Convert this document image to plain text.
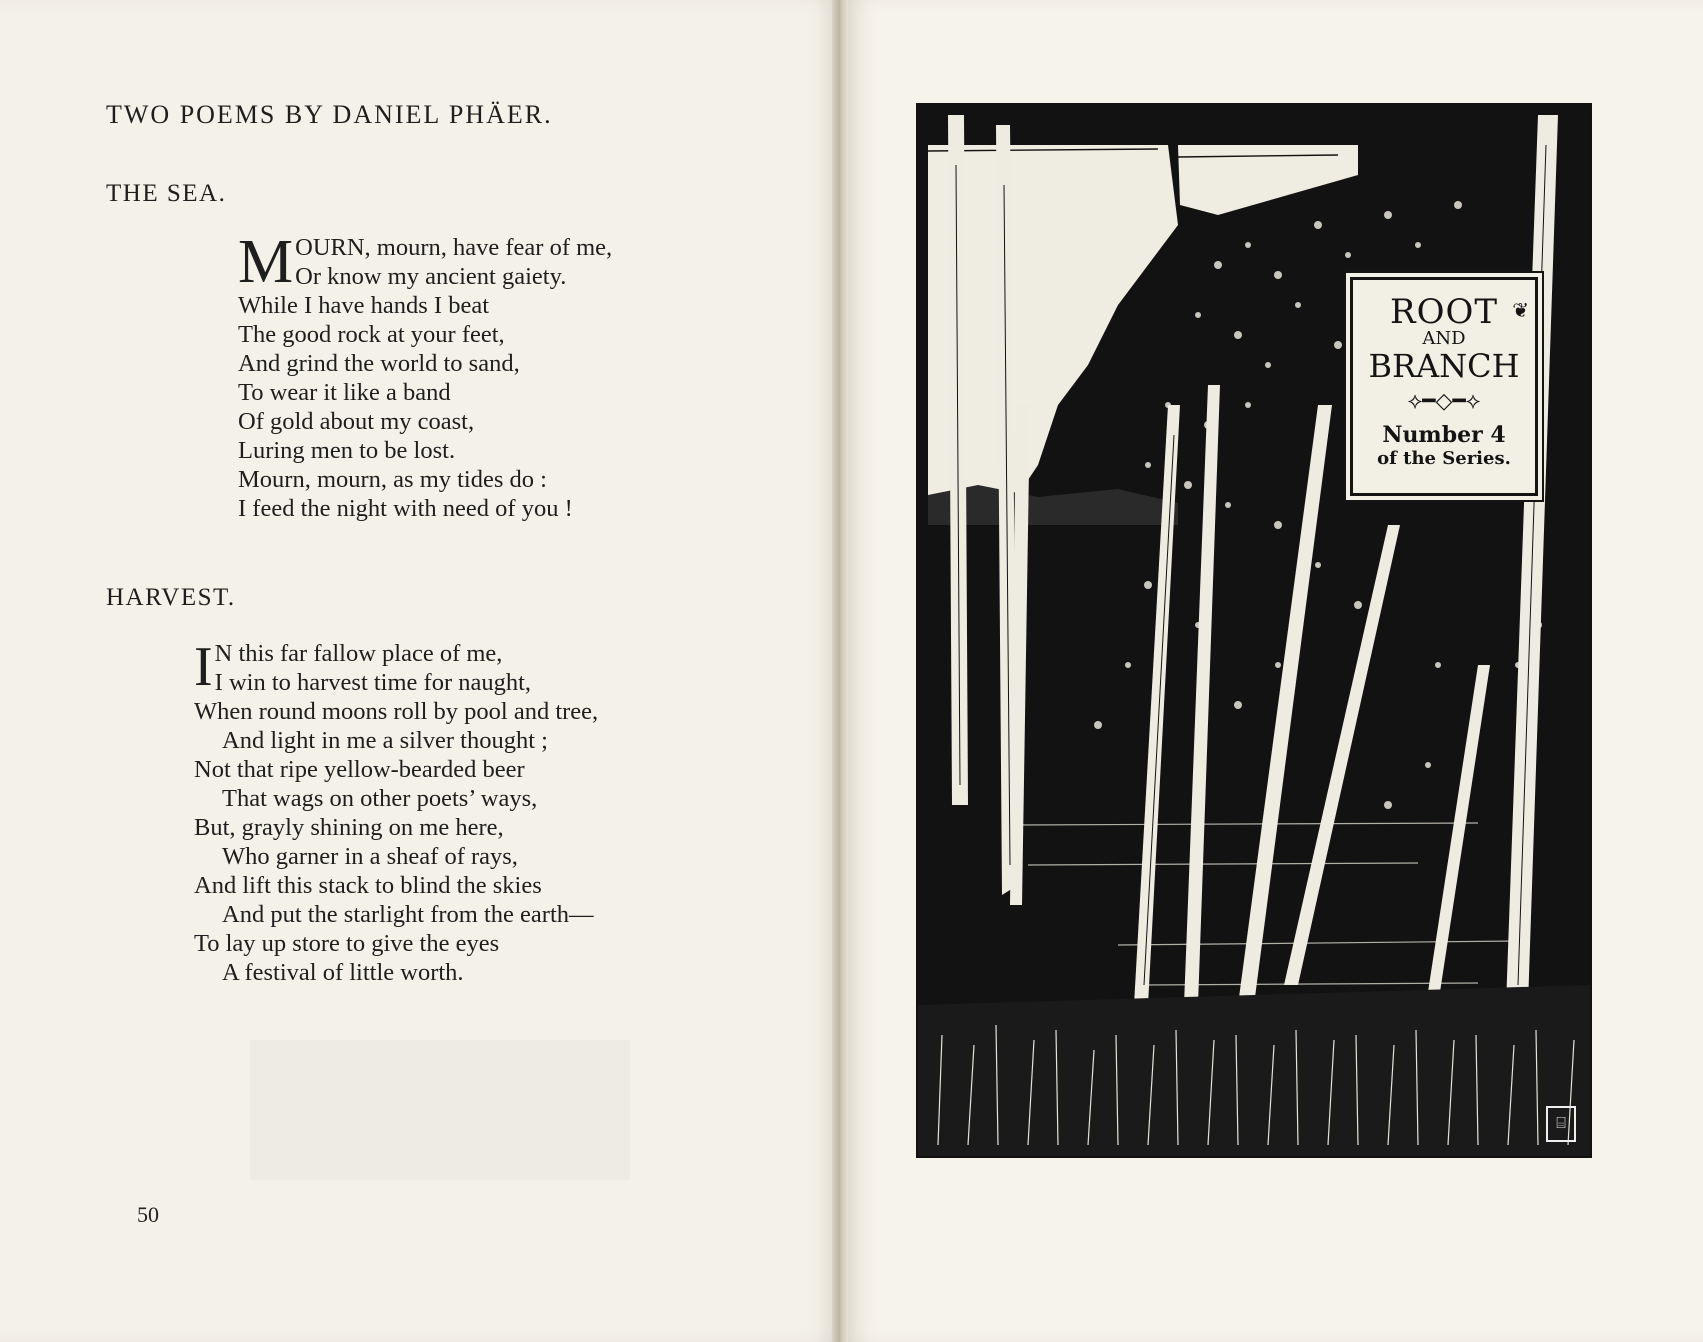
TWO POEMS BY DANIEL PHÄER.
THE SEA.
M OURN, mourn, have fear of me,
Or know my ancient gaiety.
While I have hands I beat
The good rock at your feet,
And grind the world to sand,
To wear it like a band
Of gold about my coast,
Luring men to be lost.
Mourn, mourn, as my tides do :
I feed the night with need of you !
HARVEST.
I N this far fallow place of me,
I win to harvest time for naught,
When round moons roll by pool and tree,
And light in me a silver thought ;
Not that ripe yellow-bearded beer
That wags on other poets’ ways,
But, grayly shining on me here,
Who garner in a sheaf of rays,
And lift this stack to blind the skies
And put the starlight from the earth—
To lay up store to give the eyes
A festival of little worth.
50
❦
ROOT
AND
BRANCH
⟡━◇━⟡
Number 4
of the Series.
⌸
